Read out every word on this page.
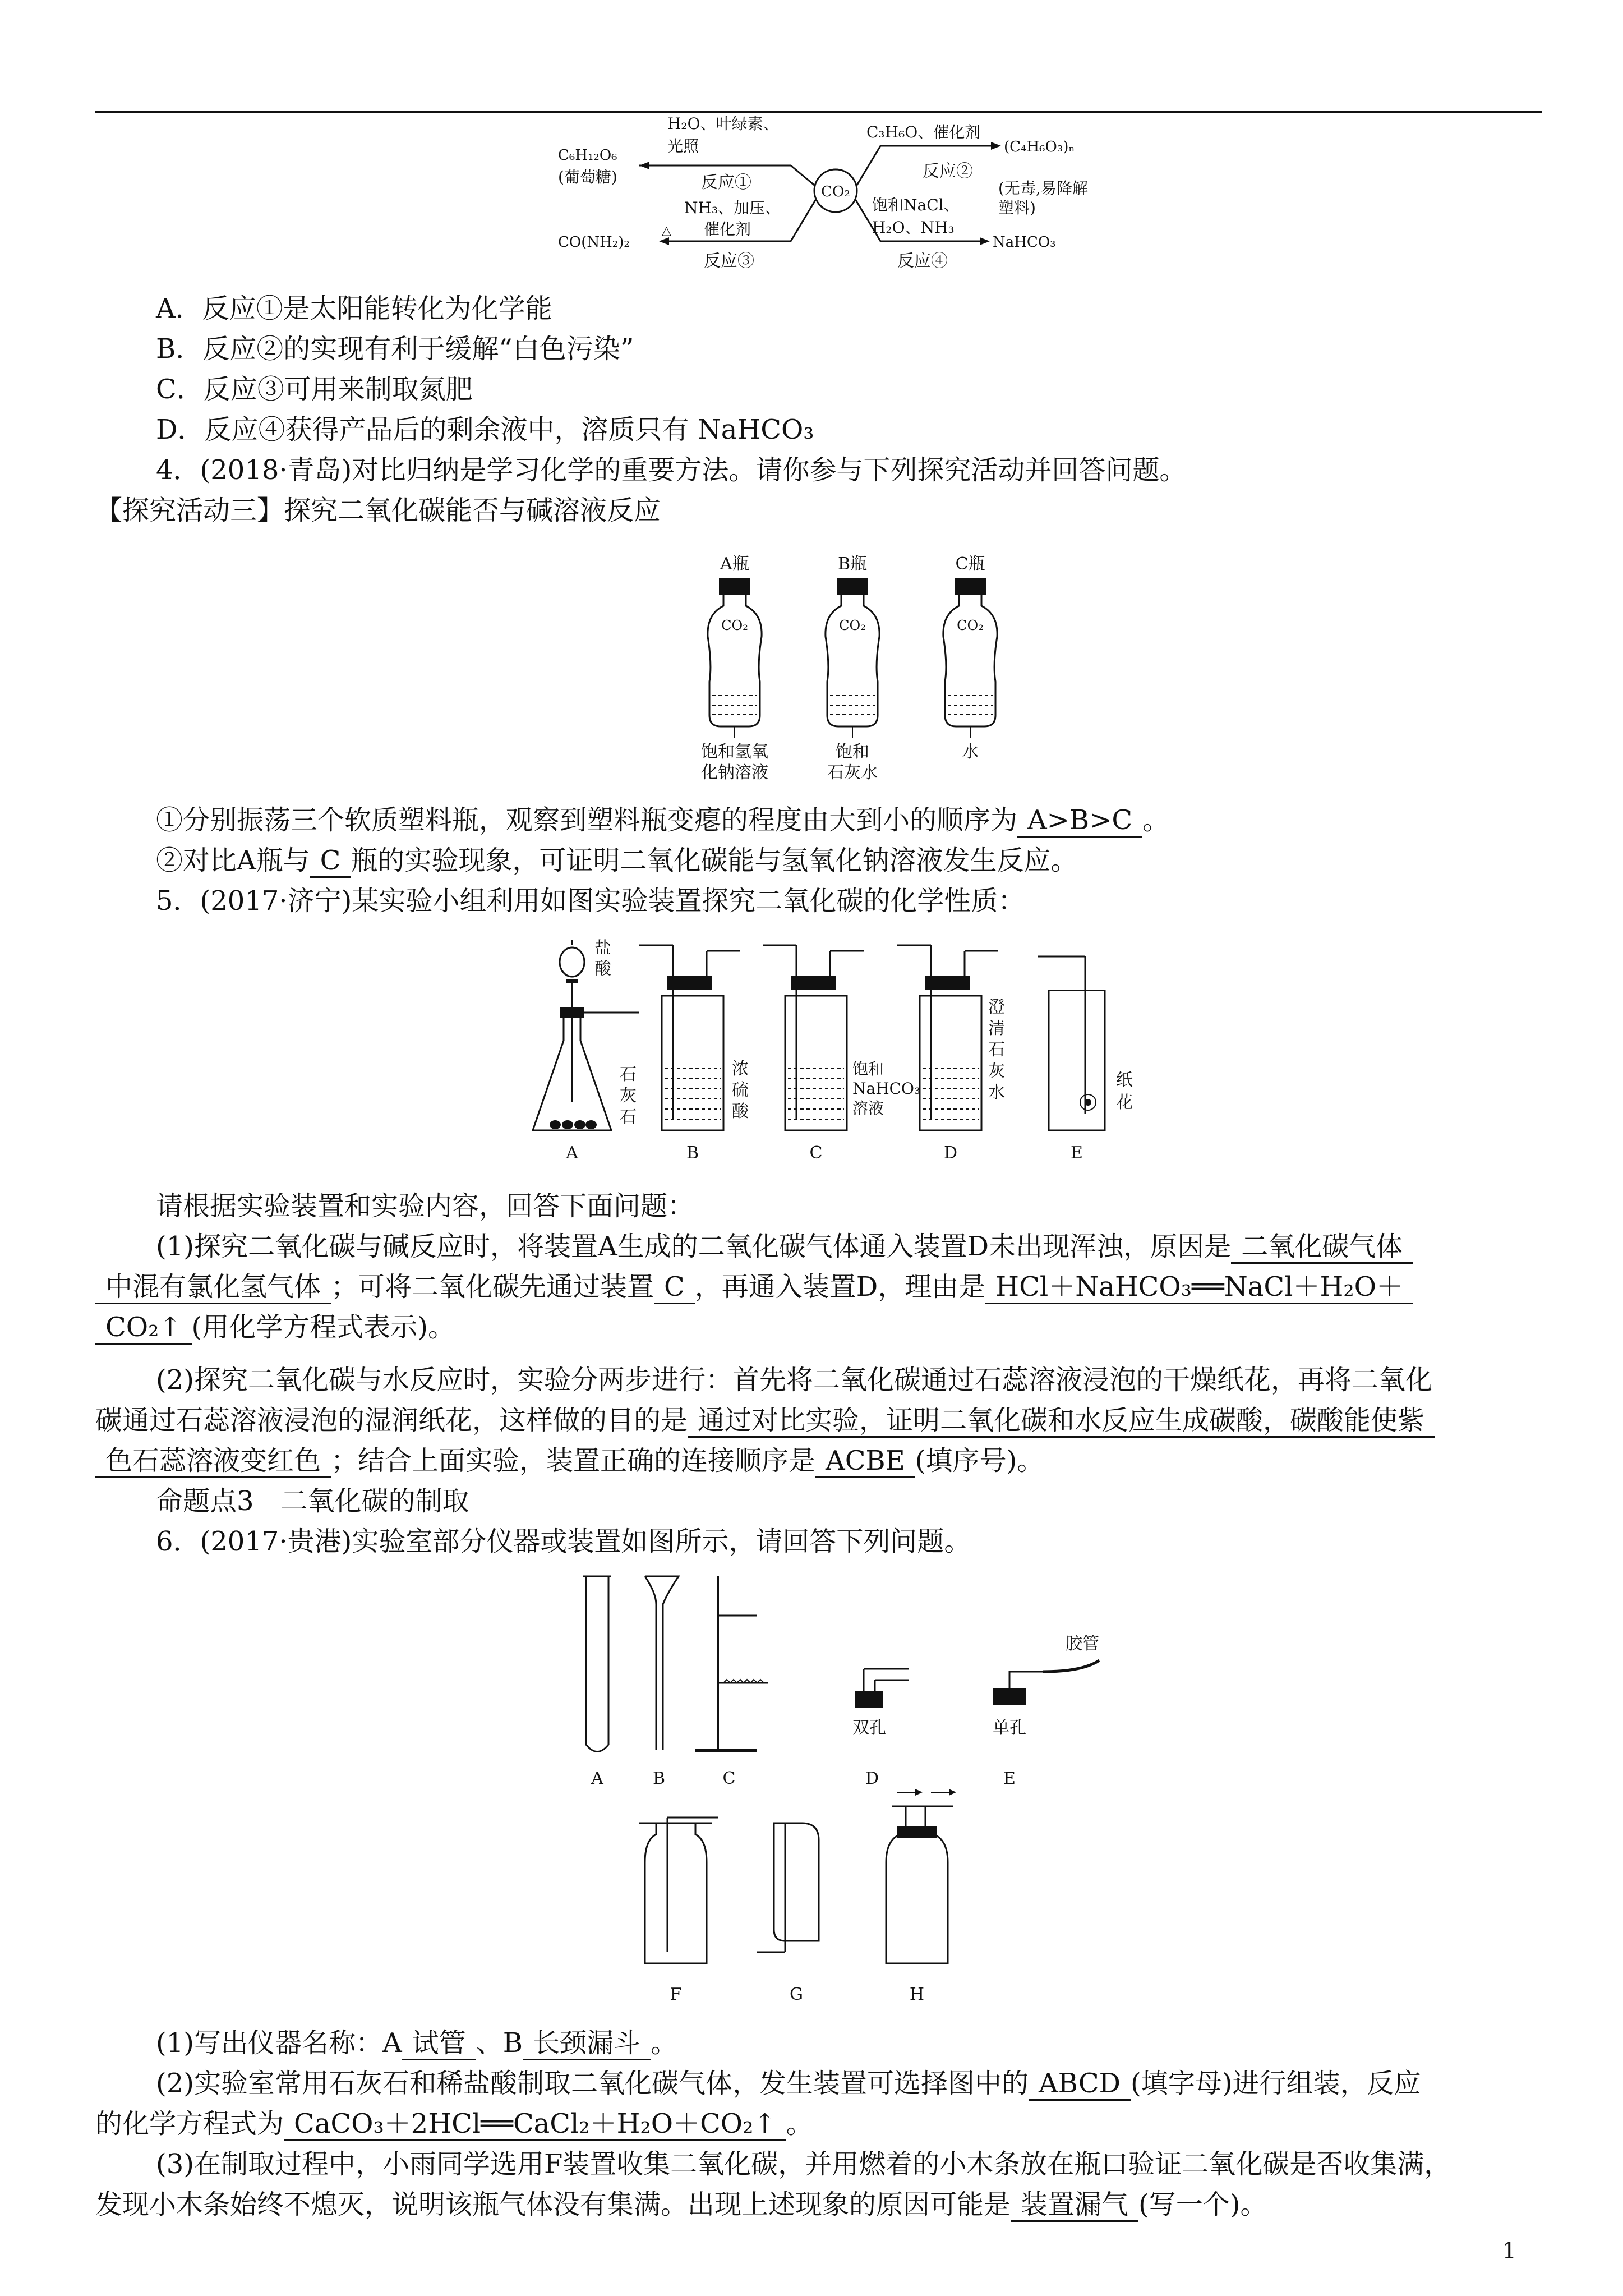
CO₂
H₂O、叶绿素、
光照
C₆H₁₂O₆
(葡萄糖)	反应①
C₃H₆O、催化剂
(C₄H₆O₃)ₙ
反应②
(无毒,易降解
塑料)
NH₃、加压、
△ 催化剂
CO(NH₂)₂
反应③
饱和NaCl、
H₂O、NH₃
NaHCO₃
反应④
A．反应①是太阳能转化为化学能
B．反应②的实现有利于缓解“白色污染”
C．反应③可用来制取氮肥
D．反应④获得产品后的剩余液中，溶质只有 NaHCO₃
4．(2018·青岛)对比归纳是学习化学的重要方法。请你参与下列探究活动并回答问题。
【探究活动三】探究二氧化碳能否与碱溶液反应
A瓶
CO₂
饱和氢氧
化钠溶液
B瓶
CO₂
饱和
石灰水
C瓶
CO₂
水
①分别振荡三个软质塑料瓶，观察到塑料瓶变瘪的程度由大到小的顺序为 A>B>C 。
②对比A瓶与 C 瓶的实验现象，可证明二氧化碳能与氢氧化钠溶液发生反应。
5．(2017·济宁)某实验小组利用如图实验装置探究二氧化碳的化学性质：
盐
酸
石
灰
石
浓
硫
酸
饱和
NaHCO₃
溶液
澄
清
石
灰
水
纸
花
A	B	C	D	E
请根据实验装置和实验内容，回答下面问题：
(1)探究二氧化碳与碱反应时，将装置A生成的二氧化碳气体通入装置D未出现浑浊，原因是 二氧化碳气体
中混有氯化氢气体 ；可将二氧化碳先通过装置 C ，再通入装置D，理由是 HCl＋NaHCO₃══NaCl＋H₂O＋
CO₂↑ (用化学方程式表示)。
(2)探究二氧化碳与水反应时，实验分两步进行：首先将二氧化碳通过石蕊溶液浸泡的干燥纸花，再将二氧化
碳通过石蕊溶液浸泡的湿润纸花，这样做的目的是 通过对比实验，证明二氧化碳和水反应生成碳酸，碳酸能使紫
色石蕊溶液变红色 ；结合上面实验，装置正确的连接顺序是 ACBE (填序号)。
命题点3　二氧化碳的制取
6．(2017·贵港)实验室部分仪器或装置如图所示，请回答下列问题。
双孔
胶管
单孔
A	B	C	D	E
F	G	H
(1)写出仪器名称：A 试管 、B 长颈漏斗 。
(2)实验室常用石灰石和稀盐酸制取二氧化碳气体，发生装置可选择图中的 ABCD (填字母)进行组装，反应
的化学方程式为 CaCO₃＋2HCl══CaCl₂＋H₂O＋CO₂↑ 。
(3)在制取过程中，小雨同学选用F装置收集二氧化碳，并用燃着的小木条放在瓶口验证二氧化碳是否收集满，
发现小木条始终不熄灭，说明该瓶气体没有集满。出现上述现象的原因可能是 装置漏气 (写一个)。
1
